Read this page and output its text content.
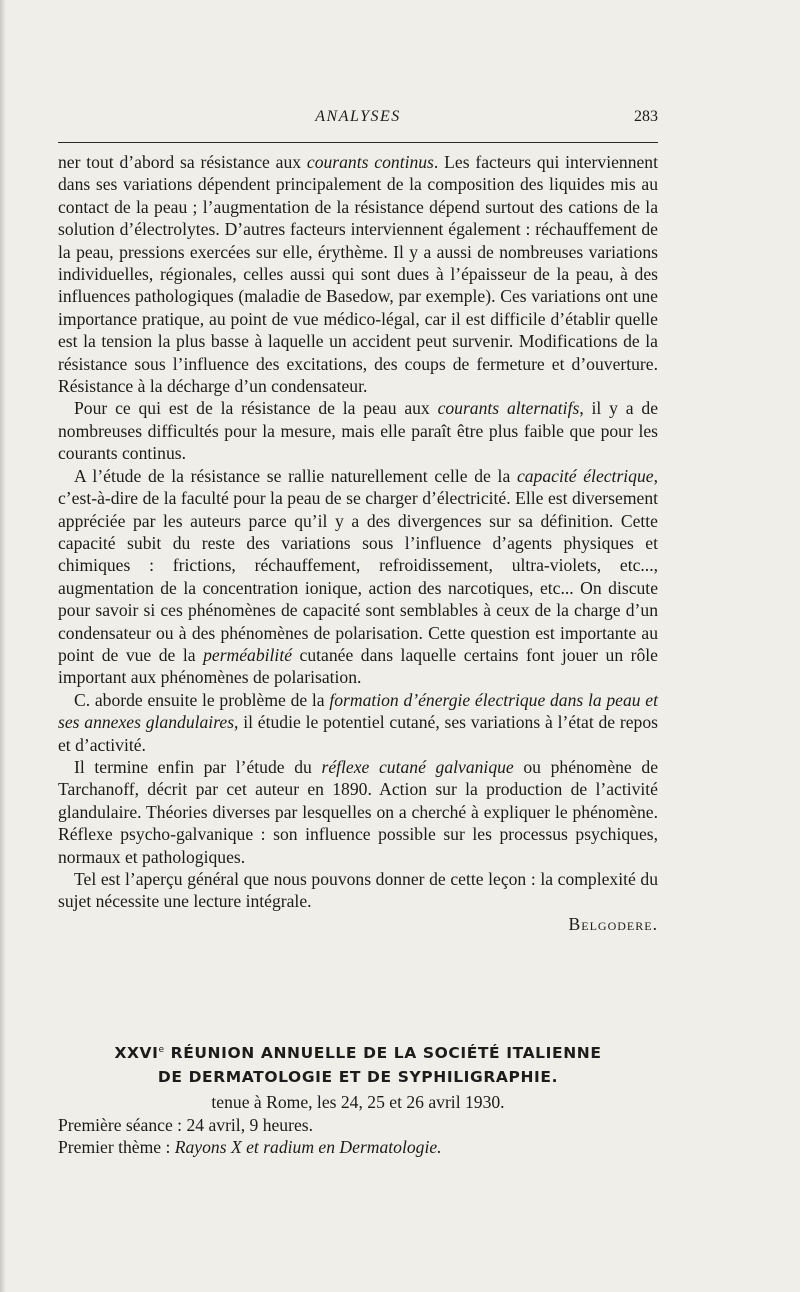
ANALYSES	283

ner tout d’abord sa résistance aux courants continus. Les facteurs qui interviennent dans ses variations dépendent principalement de la composition des liquides mis au contact de la peau ; l’augmentation de la résistance dépend surtout des cations de la solution d’électrolytes. D’autres facteurs interviennent également : réchauffement de la peau, pressions exercées sur elle, érythème. Il y a aussi de nombreuses variations individuelles, régionales, celles aussi qui sont dues à l’épaisseur de la peau, à des influences pathologiques (maladie de Basedow, par exemple). Ces variations ont une importance pratique, au point de vue médico-légal, car il est difficile d’établir quelle est la tension la plus basse à laquelle un accident peut survenir. Modifications de la résistance sous l’influence des excitations, des coups de fermeture et d’ouverture. Résistance à la décharge d’un condensateur.

Pour ce qui est de la résistance de la peau aux courants alternatifs, il y a de nombreuses difficultés pour la mesure, mais elle paraît être plus faible que pour les courants continus.

A l’étude de la résistance se rallie naturellement celle de la capacité électrique, c’est-à-dire de la faculté pour la peau de se charger d’électricité. Elle est diversement appréciée par les auteurs parce qu’il y a des divergences sur sa définition. Cette capacité subit du reste des variations sous l’influence d’agents physiques et chimiques : frictions, réchauffement, refroidissement, ultra-violets, etc..., augmentation de la concentration ionique, action des narcotiques, etc... On discute pour savoir si ces phénomènes de capacité sont semblables à ceux de la charge d’un condensateur ou à des phénomènes de polarisation. Cette question est importante au point de vue de la perméabilité cutanée dans laquelle certains font jouer un rôle important aux phénomènes de polarisation.

C. aborde ensuite le problème de la formation d’énergie électrique dans la peau et ses annexes glandulaires, il étudie le potentiel cutané, ses variations à l’état de repos et d’activité.

Il termine enfin par l’étude du réflexe cutané galvanique ou phénomène de Tarchanoff, décrit par cet auteur en 1890. Action sur la production de l’activité glandulaire. Théories diverses par lesquelles on a cherché à expliquer le phénomène. Réflexe psycho-galvanique : son influence possible sur les processus psychiques, normaux et pathologiques.

Tel est l’aperçu général que nous pouvons donner de cette leçon : la complexité du sujet nécessite une lecture intégrale.

Belgodere.

XXVIe RÉUNION ANNUELLE DE LA SOCIÉTÉ ITALIENNE
DE DERMATOLOGIE ET DE SYPHILIGRAPHIE.
tenue à Rome, les 24, 25 et 26 avril 1930.

Première séance : 24 avril, 9 heures.

Premier thème : Rayons X et radium en Dermatologie.
